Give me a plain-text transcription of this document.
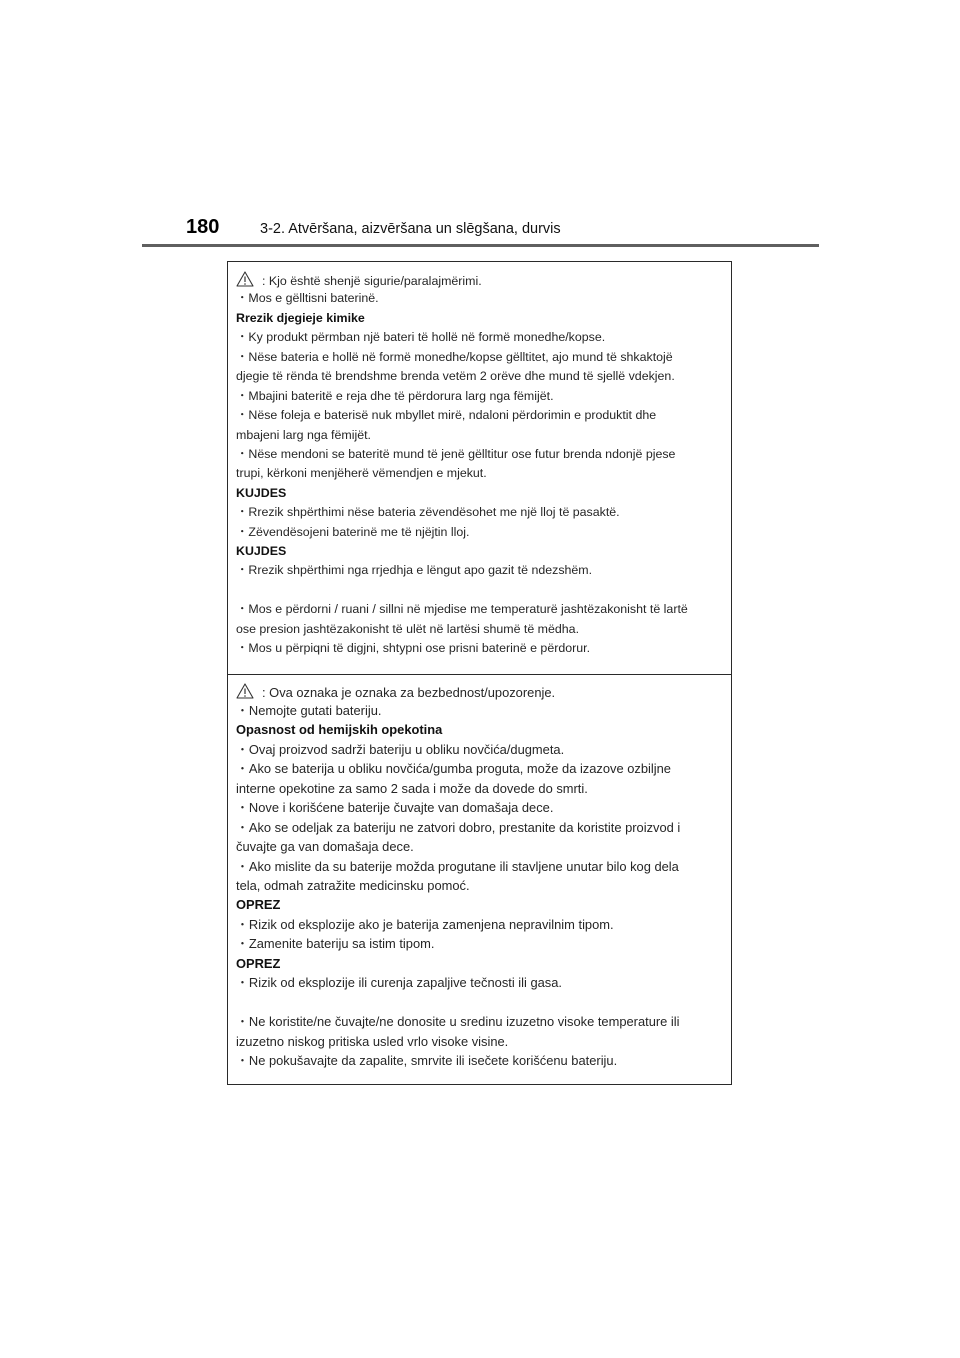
180	3-2. Atvēršana, aizvēršana un slēgšana, durvis
: Kjo është shenjë sigurie/paralajmërimi.
・Mos e gëlltisni baterinë.
Rrezik djegieje kimike
・Ky produkt përmban një bateri të hollë në formë monedhe/kopse.
・Nëse bateria e hollë në formë monedhe/kopse gëlltitet, ajo mund të shkaktojë
djegie të rënda të brendshme brenda vetëm 2 orëve dhe mund të sjellë vdekjen.
・Mbajini bateritë e reja dhe të përdorura larg nga fëmijët.
・Nëse foleja e baterisë nuk mbyllet mirë, ndaloni përdorimin e produktit dhe
mbajeni larg nga fëmijët.
・Nëse mendoni se bateritë mund të jenë gëlltitur ose futur brenda ndonjë pjese
trupi, kërkoni menjëherë vëmendjen e mjekut.
KUJDES
・Rrezik shpërthimi nëse bateria zëvendësohet me një lloj të pasaktë.
・Zëvendësojeni baterinë me të njëjtin lloj.
KUJDES
・Rrezik shpërthimi nga rrjedhja e lëngut apo gazit të ndezshëm.
・Mos e përdorni / ruani / sillni në mjedise me temperaturë jashtëzakonisht të lartë
ose presion jashtëzakonisht të ulët në lartësi shumë të mëdha.
・Mos u përpiqni të digjni, shtypni ose prisni baterinë e përdorur.
: Ova oznaka je oznaka za bezbednost/upozorenje.
・Nemojte gutati bateriju.
Opasnost od hemijskih opekotina
・Ovaj proizvod sadrži bateriju u obliku novčića/dugmeta.
・Ako se baterija u obliku novčića/gumba proguta, može da izazove ozbiljne
interne opekotine za samo 2 sada i može da dovede do smrti.
・Nove i korišćene baterije čuvajte van domašaja dece.
・Ako se odeljak za bateriju ne zatvori dobro, prestanite da koristite proizvod i
čuvajte ga van domašaja dece.
・Ako mislite da su baterije možda progutane ili stavljene unutar bilo kog dela
tela, odmah zatražite medicinsku pomoć.
OPREZ
・Rizik od eksplozije ako je baterija zamenjena nepravilnim tipom.
・Zamenite bateriju sa istim tipom.
OPREZ
・Rizik od eksplozije ili curenja zapaljive tečnosti ili gasa.
・Ne koristite/ne čuvajte/ne donosite u sredinu izuzetno visoke temperature ili
izuzetno niskog pritiska usled vrlo visoke visine.
・Ne pokušavajte da zapalite, smrvite ili isečete korišćenu bateriju.
